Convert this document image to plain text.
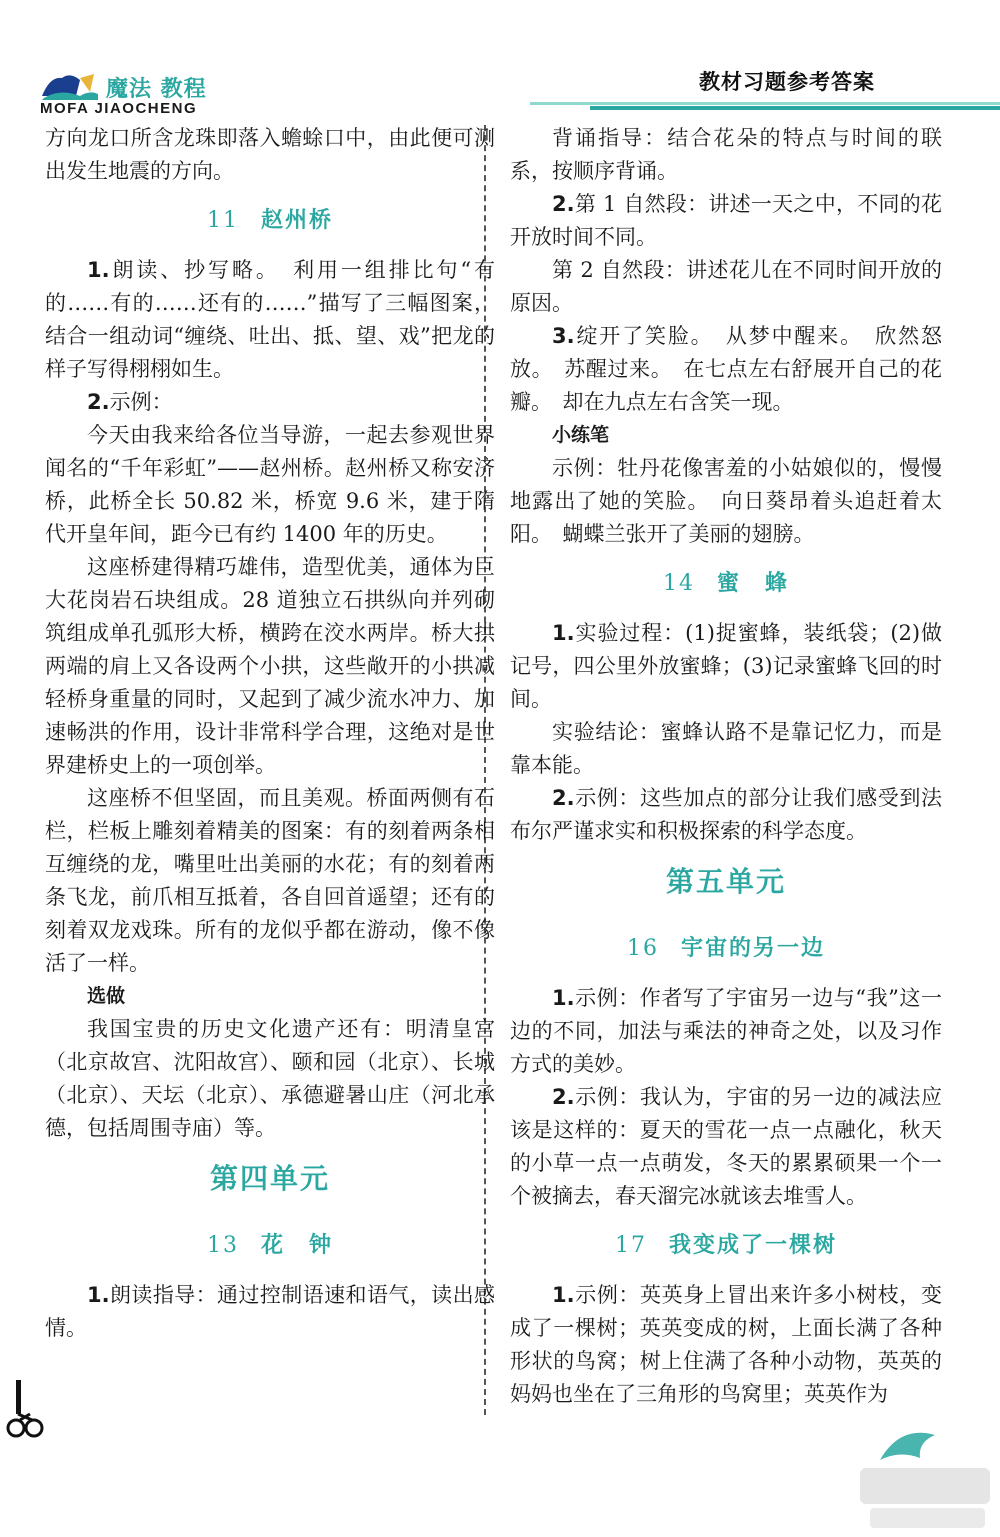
魔法 教程
MOFA JIAOCHENG
教材习题参考答案

方向龙口所含龙珠即落入蟾蜍口中，由此便可测出发生地震的方向。

11 赵州桥

1.朗读、抄写略。　利用一组排比句“有的……有的……还有的……”描写了三幅图案，结合一组动词“缠绕、吐出、抵、望、戏”把龙的样子写得栩栩如生。

2.示例：

今天由我来给各位当导游，一起去参观世界闻名的“千年彩虹”——赵州桥。赵州桥又称安济桥，此桥全长 50.82 米，桥宽 9.6 米，建于隋代开皇年间，距今已有约 1400 年的历史。

这座桥建得精巧雄伟，造型优美，通体为巨大花岗岩石块组成。28 道独立石拱纵向并列砌筑组成单孔弧形大桥，横跨在洨水两岸。桥大拱两端的肩上又各设两个小拱，这些敞开的小拱减轻桥身重量的同时，又起到了减少流水冲力、加速畅洪的作用，设计非常科学合理，这绝对是世界建桥史上的一项创举。

这座桥不但坚固，而且美观。桥面两侧有石栏，栏板上雕刻着精美的图案：有的刻着两条相互缠绕的龙，嘴里吐出美丽的水花；有的刻着两条飞龙，前爪相互抵着，各自回首遥望；还有的刻着双龙戏珠。所有的龙似乎都在游动，像不像活了一样。

选做

我国宝贵的历史文化遗产还有：明清皇宫（北京故宫、沈阳故宫）、颐和园（北京）、长城（北京）、天坛（北京）、承德避暑山庄（河北承德，包括周围寺庙）等。

第四单元
13 花　钟

1.朗读指导：通过控制语速和语气，读出感情。

背诵指导：结合花朵的特点与时间的联系，按顺序背诵。

2.第 1 自然段：讲述一天之中，不同的花开放时间不同。

第 2 自然段：讲述花儿在不同时间开放的原因。

3.绽开了笑脸。　从梦中醒来。　欣然怒放。　苏醒过来。　在七点左右舒展开自己的花瓣。　却在九点左右含笑一现。

小练笔

示例：牡丹花像害羞的小姑娘似的，慢慢地露出了她的笑脸。　向日葵昂着头追赶着太阳。　蝴蝶兰张开了美丽的翅膀。

14 蜜　蜂

1.实验过程：(1)捉蜜蜂，装纸袋；(2)做记号，四公里外放蜜蜂；(3)记录蜜蜂飞回的时间。

实验结论：蜜蜂认路不是靠记忆力，而是靠本能。

2.示例：这些加点的部分让我们感受到法布尔严谨求实和积极探索的科学态度。

第五单元
16 宇宙的另一边

1.示例：作者写了宇宙另一边与“我”这一边的不同，加法与乘法的神奇之处，以及习作方式的美妙。

2.示例：我认为，宇宙的另一边的减法应该是这样的：夏天的雪花一点一点融化，秋天的小草一点一点萌发，冬天的累累硕果一个一个被摘去，春天溜完冰就该去堆雪人。

17 我变成了一棵树

1.示例：英英身上冒出来许多小树枝，变成了一棵树；英英变成的树，上面长满了各种形状的鸟窝；树上住满了各种小动物，英英的妈妈也坐在了三角形的鸟窝里；英英作为
